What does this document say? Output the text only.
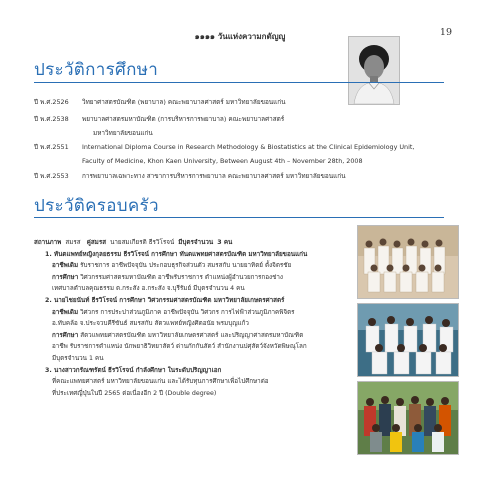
๑๑๑๑ วันแห่งความกตัญญู	19
ประวัติการศึกษา
ปี พ.ศ.2526	วิทยาศาสตรบัณฑิต (พยาบาล) คณะพยาบาลศาสตร์ มหาวิทยาลัยขอนแก่น
ปี พ.ศ.2538	พยาบาลศาสตรมหาบัณฑิต (การบริหารการพยาบาล) คณะพยาบาลศาสตร์
มหาวิทยาลัยขอนแก่น
ปี พ.ศ.2551	International Diploma Course in Research Methodology & Biostatistics at the Clinical Epidemiology Unit,
Faculty of Medicine, Khon Kaen University, Between August 4th – November 28th, 2008
ปี พ.ศ.2553	การพยาบาลเฉพาะทาง สาขาการบริหารการพยาบาล คณะพยาบาลศาสตร์ มหาวิทยาลัยขอนแก่น
ประวัติครอบครัว

สถานภาพ สมรส คู่สมรส นายสมเกียรติ ธีรวิโรจน์ มีบุตรจำนวน 3 คน

1. ทันตแพทย์หญิงกุลยธรรม ธีรวิโรจน์ การศึกษา ทันตแพทยศาสตรบัณฑิต มหาวิทยาลัยขอนแก่น

อาชีพเดิม รับราชการ อาชีพปัจจุบัน ประกอบธุรกิจส่วนตัว สมรสกับ นายยาทิตย์ ตั้งจิตรชัย

การศึกษา วิศวกรรมศาสตรมหาบัณฑิต อาชีพรับราชการ ตำแหน่งผู้อำนวยการกองช่าง

เทศบาลตำบลคุณธรรม ต.กระสัง อ.กระสัง จ.บุรีรัมย์ มีบุตรจำนวน 4 คน

2. นายไชยนันท์ ธีรวิโรจน์ การศึกษา วิศวกรรมศาสตรบัณฑิต มหาวิทยาลัยเกษตรศาสตร์

อาชีพเดิม วิศวกร การประปาส่วนภูมิภาค อาชีพปัจจุบัน วิศวกร การไฟฟ้าส่วนภูมิภาคพิจิตร

อ.ทับคล้อ จ.ประจวบคีรีขันธ์ สมรสกับ สัตวแพทย์หญิงศิตอนัย พรมบุญแก้ว

การศึกษา สัตวแพทยศาสตรบัณฑิต มหาวิทยาลัยเกษตรศาสตร์ และปริญญาศาสตรมหาบัณฑิต

อาชีพ รับราชการตำแหน่ง นักพยาธิวิทยาสัตว์ ด่านกักกันสัตว์ สำนักงานปศุสัตว์จังหวัดพิษณุโลก

มีบุตรจำนวน 1 คน

3. นางสาวกรัณฑรัตน์ ธีรวิโรจน์ กำลังศึกษา ในระดับปริญญาเอก

ที่คณะแพทยศาสตร์ มหาวิทยาลัยขอนแก่น และได้รับทุนการศึกษาเพื่อไปศึกษาต่อ

ที่ประเทศญี่ปุ่นในปี 2565 ต่อเนื่องอีก 2 ปี (Double degree)
